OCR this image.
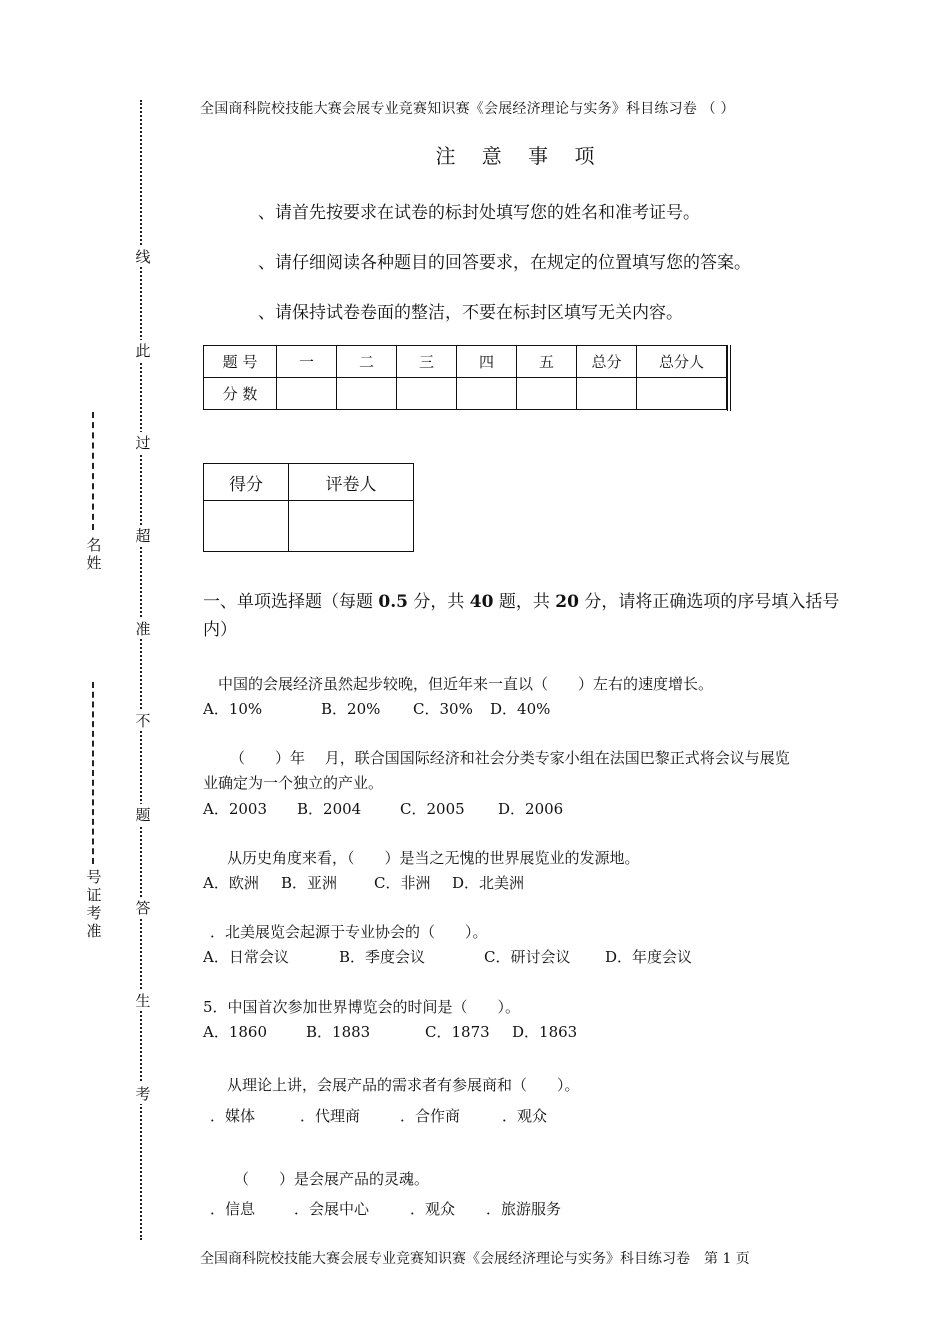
线
此
过
超
准
不
题
答
生
考
名姓
号证考准
全国商科院校技能大赛会展专业竞赛知识赛《会展经济理论与实务》科目练习卷 （ ）
注 意 事 项
、请首先按要求在试卷的标封处填写您的姓名和准考证号。
、请仔细阅读各种题目的回答要求，在规定的位置填写您的答案。
、请保持试卷卷面的整洁，不要在标封区填写无关内容。
题 号	一	二	三	四	五	总分	总分人
分 数							
得分	评卷人

一、单项选择题（每题 0.5 分，共 40 题，共 20 分，请将正确选项的序号填入括号内）
中国的会展经济虽然起步较晚，但近年来一直以（　　）左右的速度增长。
A．10%	B．20% C．30% D．40%
（　　）年　 月，联合国国际经济和社会分类专家小组在法国巴黎正式将会议与展览
业确定为一个独立的产业。
A．2003 B．2004	C．2005 D．2006
从历史角度来看，（　　）是当之无愧的世界展览业的发源地。
A．欧洲 B．亚洲 C．非洲 D．北美洲
．北美展览会起源于专业协会的（　　）。
A．日常会议	B．季度会议	C．研讨会议 D．年度会议
5．中国首次参加世界博览会的时间是（　　）。
A．1860	B．1883	C．1873 D．1863
从理论上讲，会展产品的需求者有参展商和（　　）。
．媒体	．代理商	．合作商	．观众
（　　）是会展产品的灵魂。
．信息	．会展中心	．观众 ．旅游服务
全国商科院校技能大赛会展专业竞赛知识赛《会展经济理论与实务》科目练习卷　第 1 页
